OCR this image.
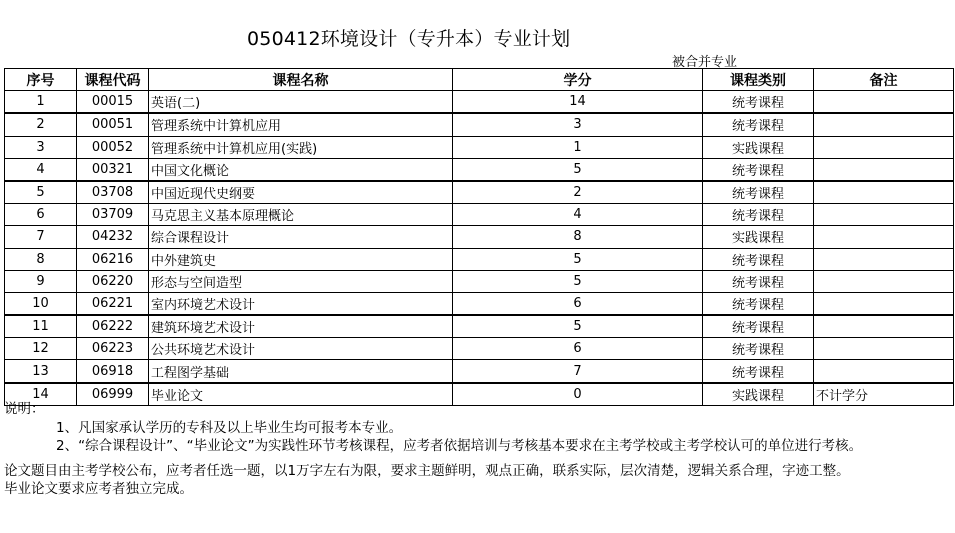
050412环境设计（专升本）专业计划
被合并专业
序号	课程代码	课程名称	学分	课程类别	备注
1	00015	英语(二)	14	统考课程	
2	00051	管理系统中计算机应用	3	统考课程	
3	00052	管理系统中计算机应用(实践)	1	实践课程	
4	00321	中国文化概论	5	统考课程	
5	03708	中国近现代史纲要	2	统考课程	
6	03709	马克思主义基本原理概论	4	统考课程	
7	04232	综合课程设计	8	实践课程	
8	06216	中外建筑史	5	统考课程	
9	06220	形态与空间造型	5	统考课程	
10	06221	室内环境艺术设计	6	统考课程	
11	06222	建筑环境艺术设计	5	统考课程	
12	06223	公共环境艺术设计	6	统考课程	
13	06918	工程图学基础	7	统考课程	
14	06999	毕业论文	0	实践课程	不计学分

说明：

1、凡国家承认学历的专科及以上毕业生均可报考本专业。

2、“综合课程设计”、“毕业论文”为实践性环节考核课程，应考者依据培训与考核基本要求在主考学校或主考学校认可的单位进行考核。

论文题目由主考学校公布，应考者任选一题，以1万字左右为限，要求主题鲜明，观点正确，联系实际，层次清楚，逻辑关系合理，字迹工整。

毕业论文要求应考者独立完成。
